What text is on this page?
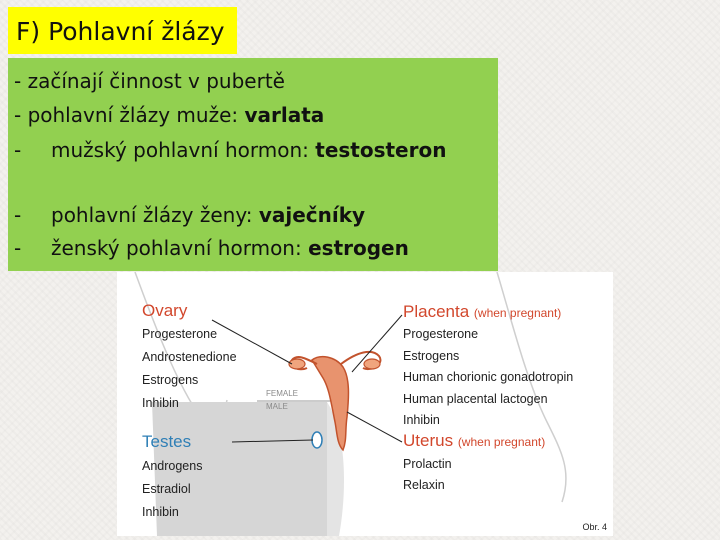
F) Pohlavní žlázy
- začínají činnost v pubertě
- pohlavní žlázy muže: varlata
- mužský pohlavní hormon: testosteron
- pohlavní žlázy ženy: vaječníky
- ženský pohlavní hormon: estrogen
Ovary
Progesterone
Androstenedione
Estrogens
Inhibin
Testes
Androgens
Estradiol
Inhibin
FEMALE
MALE
Placenta (when pregnant)
Progesterone
Estrogens
Human chorionic gonadotropin
Human placental lactogen
Inhibin
Uterus (when pregnant)
Prolactin
Relaxin
Obr. 4
